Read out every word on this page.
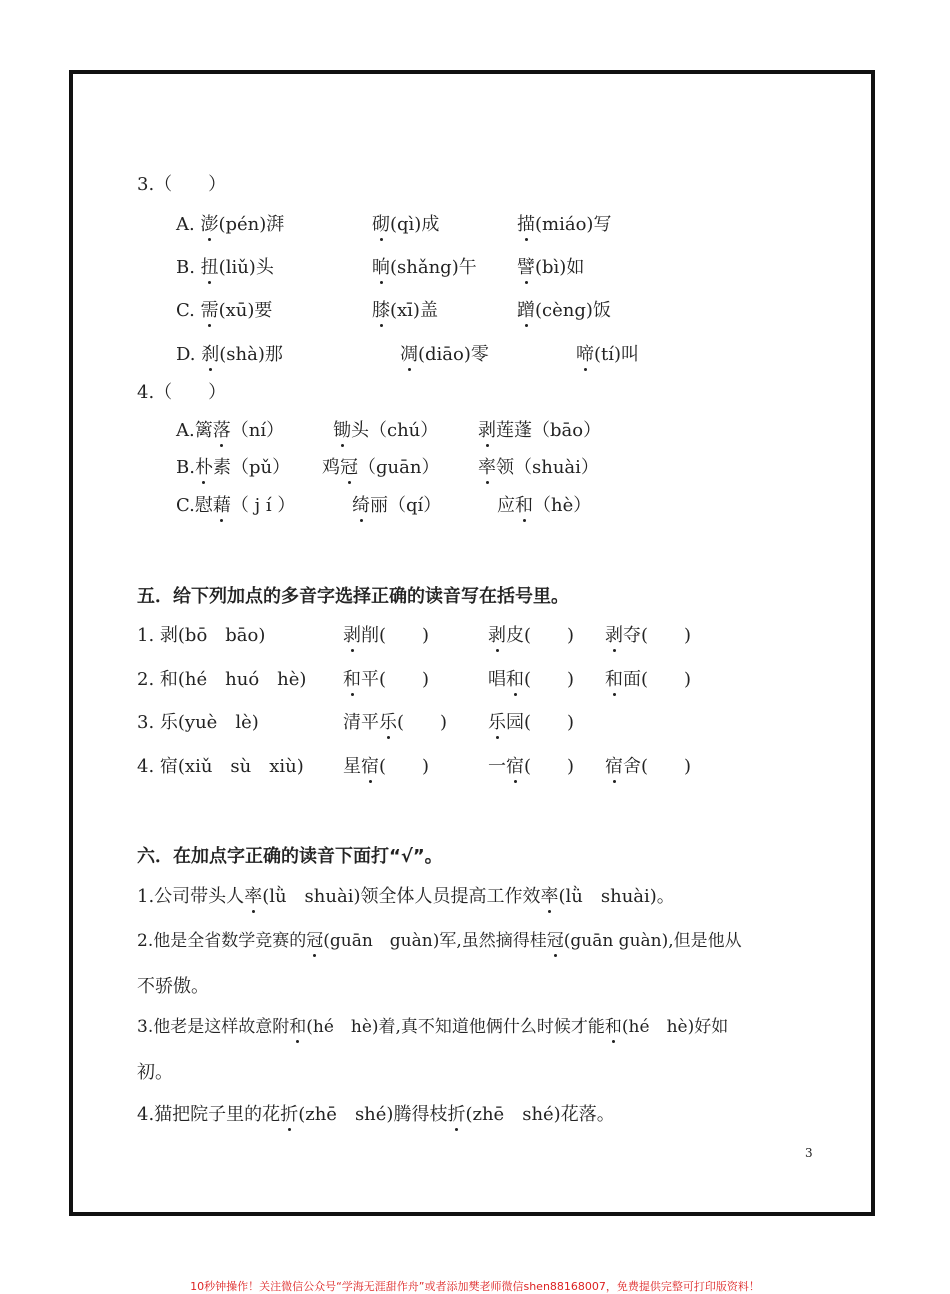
3.（　　）
A. 澎(pén)湃	砌(qì)成	描(miáo)写
B. 扭(liǔ)头	晌(shǎng)午 譬(bì)如
C. 需(xū)要	膝(xī)盖	蹭(cèng)饭
D. 刹(shà)那	凋(diāo)零	啼(tí)叫
4.（　　）
A.篱落（ní）	锄头（chú） 剥莲蓬（bāo）
B.朴素（pǔ） 鸡冠（ɡuān） 率领（shuài）
C.慰藉（ j í ）	绮丽（qí）	应和（hè）
五．给下列加点的多音字选择正确的读音写在括号里。
1. 剥(bō　bāo)	剥削(　　)	剥皮(　　) 剥夺(　　)
2. 和(hé　huó　hè) 和平(　　)	唱和(　　) 和面(　　)
3. 乐(yuè　lè)	清平乐(　　) 乐园(　　)
4. 宿(xiǔ　sù　xiù) 星宿(　　)	一宿(　　) 宿舍(　　)
六．在加点字正确的读音下面打“√”。
1.公司带头人率(lǜ　shuài)领全体人员提高工作效率(lǜ　shuài)。
2.他是全省数学竞赛的冠(guān　guàn)军,虽然摘得桂冠(guān guàn),但是他从
不骄傲。
3.他老是这样故意附和(hé　hè)着,真不知道他俩什么时候才能和(hé　hè)好如
初。
4.猫把院子里的花折(zhē　shé)腾得枝折(zhē　shé)花落。
3
10秒钟操作！关注微信公众号“学海无涯甜作舟”或者添加樊老师微信shen88168007，免费提供完整可打印版资料！
